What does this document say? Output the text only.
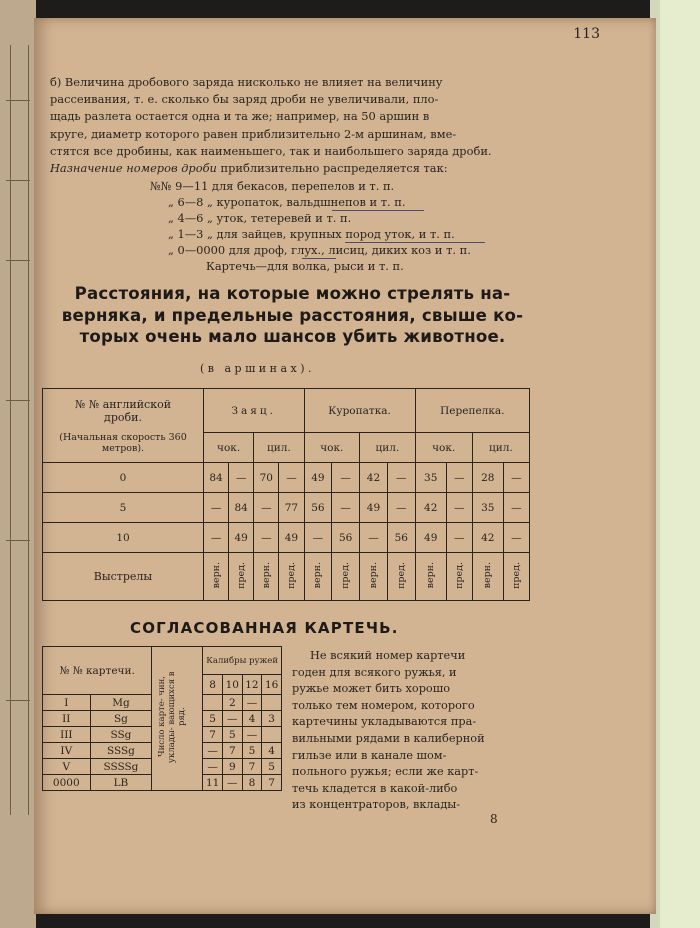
113
б) Величина дробового заряда нисколько не влияет на величину
рассеивания, т. е. сколько бы заряд дроби не увеличивали, пло-
щадь разлета остается одна и та же; например, на 50 аршин в
круге, диаметр которого равен приблизительно 2-м аршинам, вме-
стятся все дробины, как наименьшего, так и наибольшего заряда дроби.
Назначение номеров дроби приблизительно распределяется так:
№№ 9—11 для бекасов, перепелов и т. п.
„ 6—8 „ куропаток, вальдшнепов и т. п.
„ 4—6 „ уток, тетеревей и т. п.
„ 1—3 „ для зайцев, крупных пород уток, и т. п.
„ 0—0000 для дроф, глух., лисиц, диких коз и т. п.
Картечь—для волка, рыси и т. п.
Расстояния, на которые можно стрелять на-
верняка, и предельные расстояния, свыше ко-
торых очень мало шансов убить животное.
(в аршинах).
№ № английской дроби.
(Начальная скорость 360 метров).	Заяц.				Куропатка.				Перепелка.			
	чок.		цил.		чок.		цил.		чок.		цил.	
0	84	—	70	—	49	—	42	—	35	—	28	—
5	—	84	—	77	56	—	49	—	42	—	35	—
10	—	49	—	49	—	56	—	56	49	—	42	—
Выстрелы	верн.	пред.	верн.	пред.	верн.	пред.	верн.	пред.	верн.	пред.	верн.	пред.
СОГЛАСОВАННАЯ КАРТЕЧЬ.
№ № картечи.		Число карте- чин, уклады- вающихся в ряд.	Калибры ружей			
			8	10	12	16
I	Mg			2	—	
II	Sg		5	—	4	3
III	SSg		7	5	—	
IV	SSSg		—	7	5	4
V	SSSSg		—	9	7	5
0000	LB		11	—	8	7
Не всякий номер картечи
годен для всякого ружья, и
ружье может бить хорошо
только тем номером, которого
картечины укладываются пра-
вильными рядами в калиберной
гильзе или в канале шом-
польного ружья; если же карт-
течь кладется в какой-либо
из концентраторов, вклады-
8
